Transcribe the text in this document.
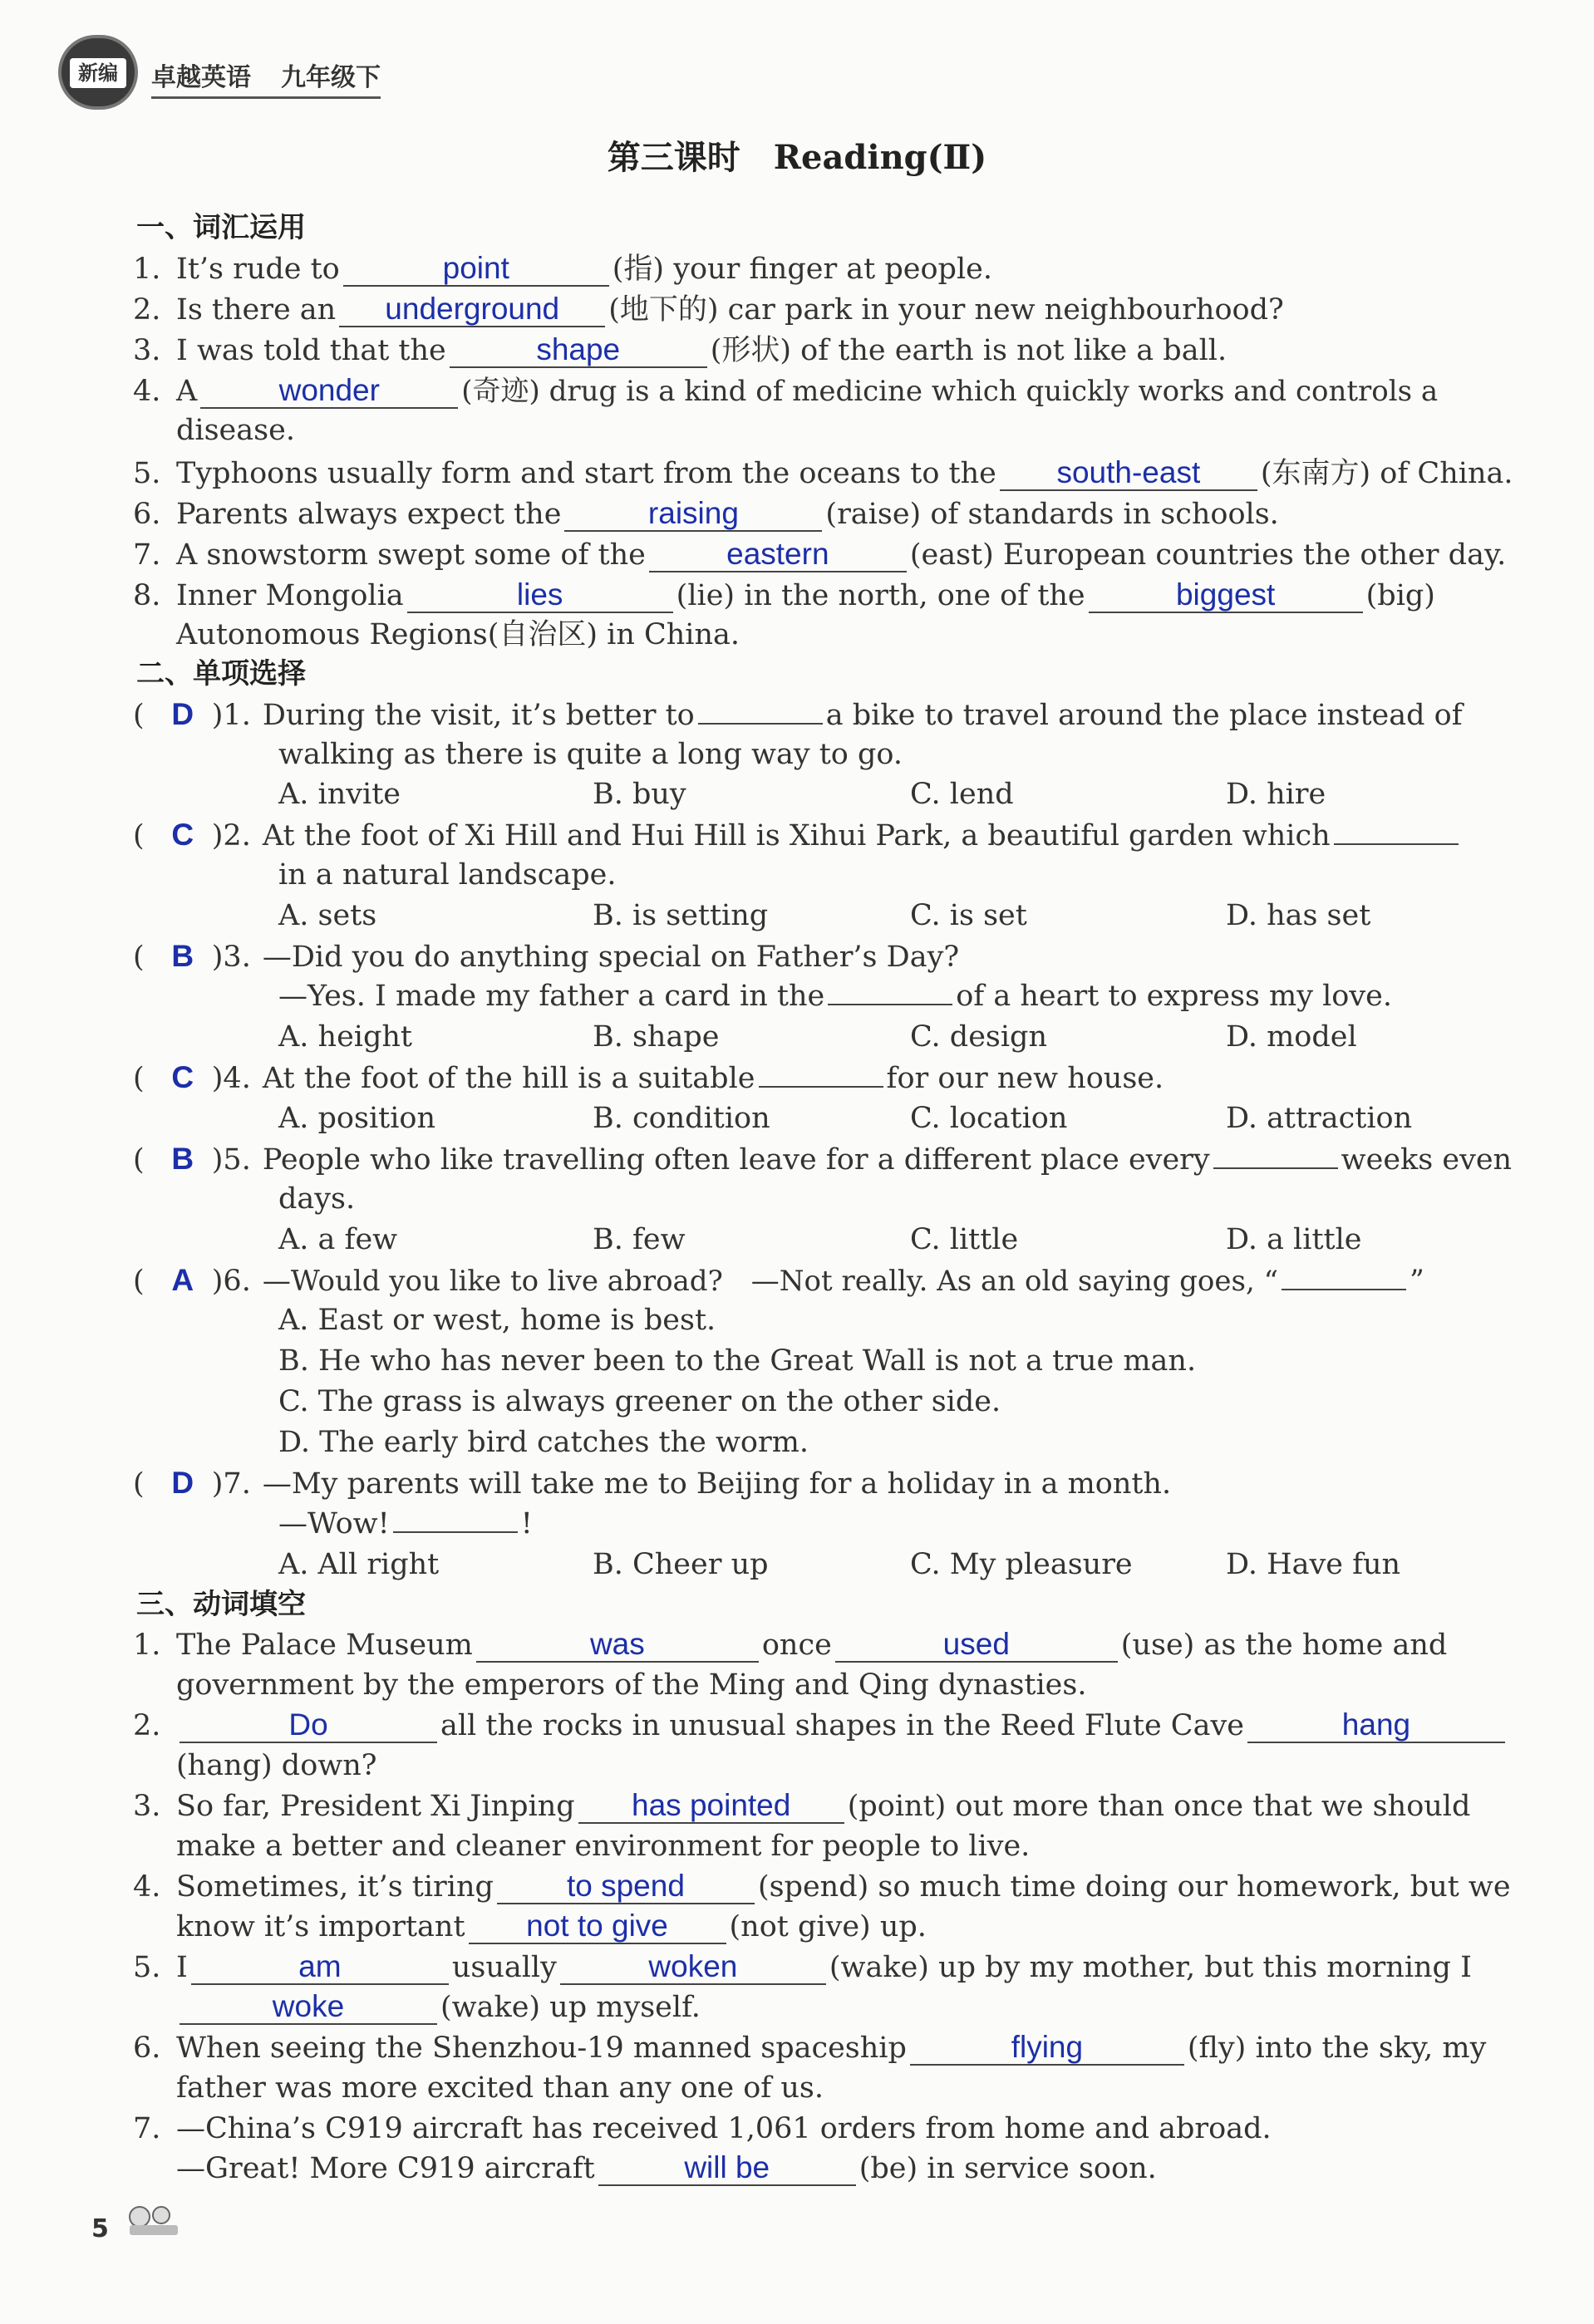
新编	卓越英语 九年级下
第三课时　Reading(Ⅱ)
一、词汇运用
1. It’s rude to	point	(指) your finger at people.
2. Is there an underground (地下的) car park in your new neighbourhood?
3. I was told that the	shape	(形状) of the earth is not like a ball.
4. A	wonder	(奇迹) drug is a kind of medicine which quickly works and controls a
disease.
5. Typhoons usually form and start from the oceans to the south-east (东南方) of China.
6. Parents always expect the	raising	(raise) of standards in schools.
7. A snowstorm swept some of the	eastern	(east) European countries the other day.
8. Inner Mongolia	lies	(lie) in the north, one of the	biggest	(big)
Autonomous Regions(自治区) in China.
二、单项选择
( D )1. During the visit, it’s better to	a bike to travel around the place instead of
walking as there is quite a long way to go.
A. invite	B. buy	C. lend	D. hire
( C )2. At the foot of Xi Hill and Hui Hill is Xihui Park, a beautiful garden which
in a natural landscape.
A. sets	B. is setting	C. is set	D. has set
( B )3. —Did you do anything special on Father’s Day?
—Yes. I made my father a card in the	of a heart to express my love.
A. height	B. shape	C. design	D. model
( C )4. At the foot of the hill is a suitable	for our new house.
A. position	B. condition	C. location	D. attraction
( B )5. People who like travelling often leave for a different place every	weeks even
days.
A. a few	B. few	C. little	D. a little
( A )6. —Would you like to live abroad?　—Not really. As an old saying goes, “	”
A. East or west, home is best.
B. He who has never been to the Great Wall is not a true man.
C. The grass is always greener on the other side.
D. The early bird catches the worm.
( D )7. —My parents will take me to Beijing for a holiday in a month.
—Wow!	!
A. All right	B. Cheer up	C. My pleasure	D. Have fun
三、动词填空
1. The Palace Museum	was	once	used	(use) as the home and
government by the emperors of the Ming and Qing dynasties.
2.	Do	all the rocks in unusual shapes in the Reed Flute Cave	hang
(hang) down?
3. So far, President Xi Jinping has pointed (point) out more than once that we should
make a better and cleaner environment for people to live.
4. Sometimes, it’s tiring to spend	(spend) so much time doing our homework, but we
know it’s important not to give (not give) up.
5. I	am	usually	woken	(wake) up by my mother, but this morning I
woke	(wake) up myself.
6. When seeing the Shenzhou-19 manned spaceship	flying	(fly) into the sky, my
father was more excited than any one of us.
7. —China’s C919 aircraft has received 1,061 orders from home and abroad.
—Great! More C919 aircraft	will be	(be) in service soon.
5
